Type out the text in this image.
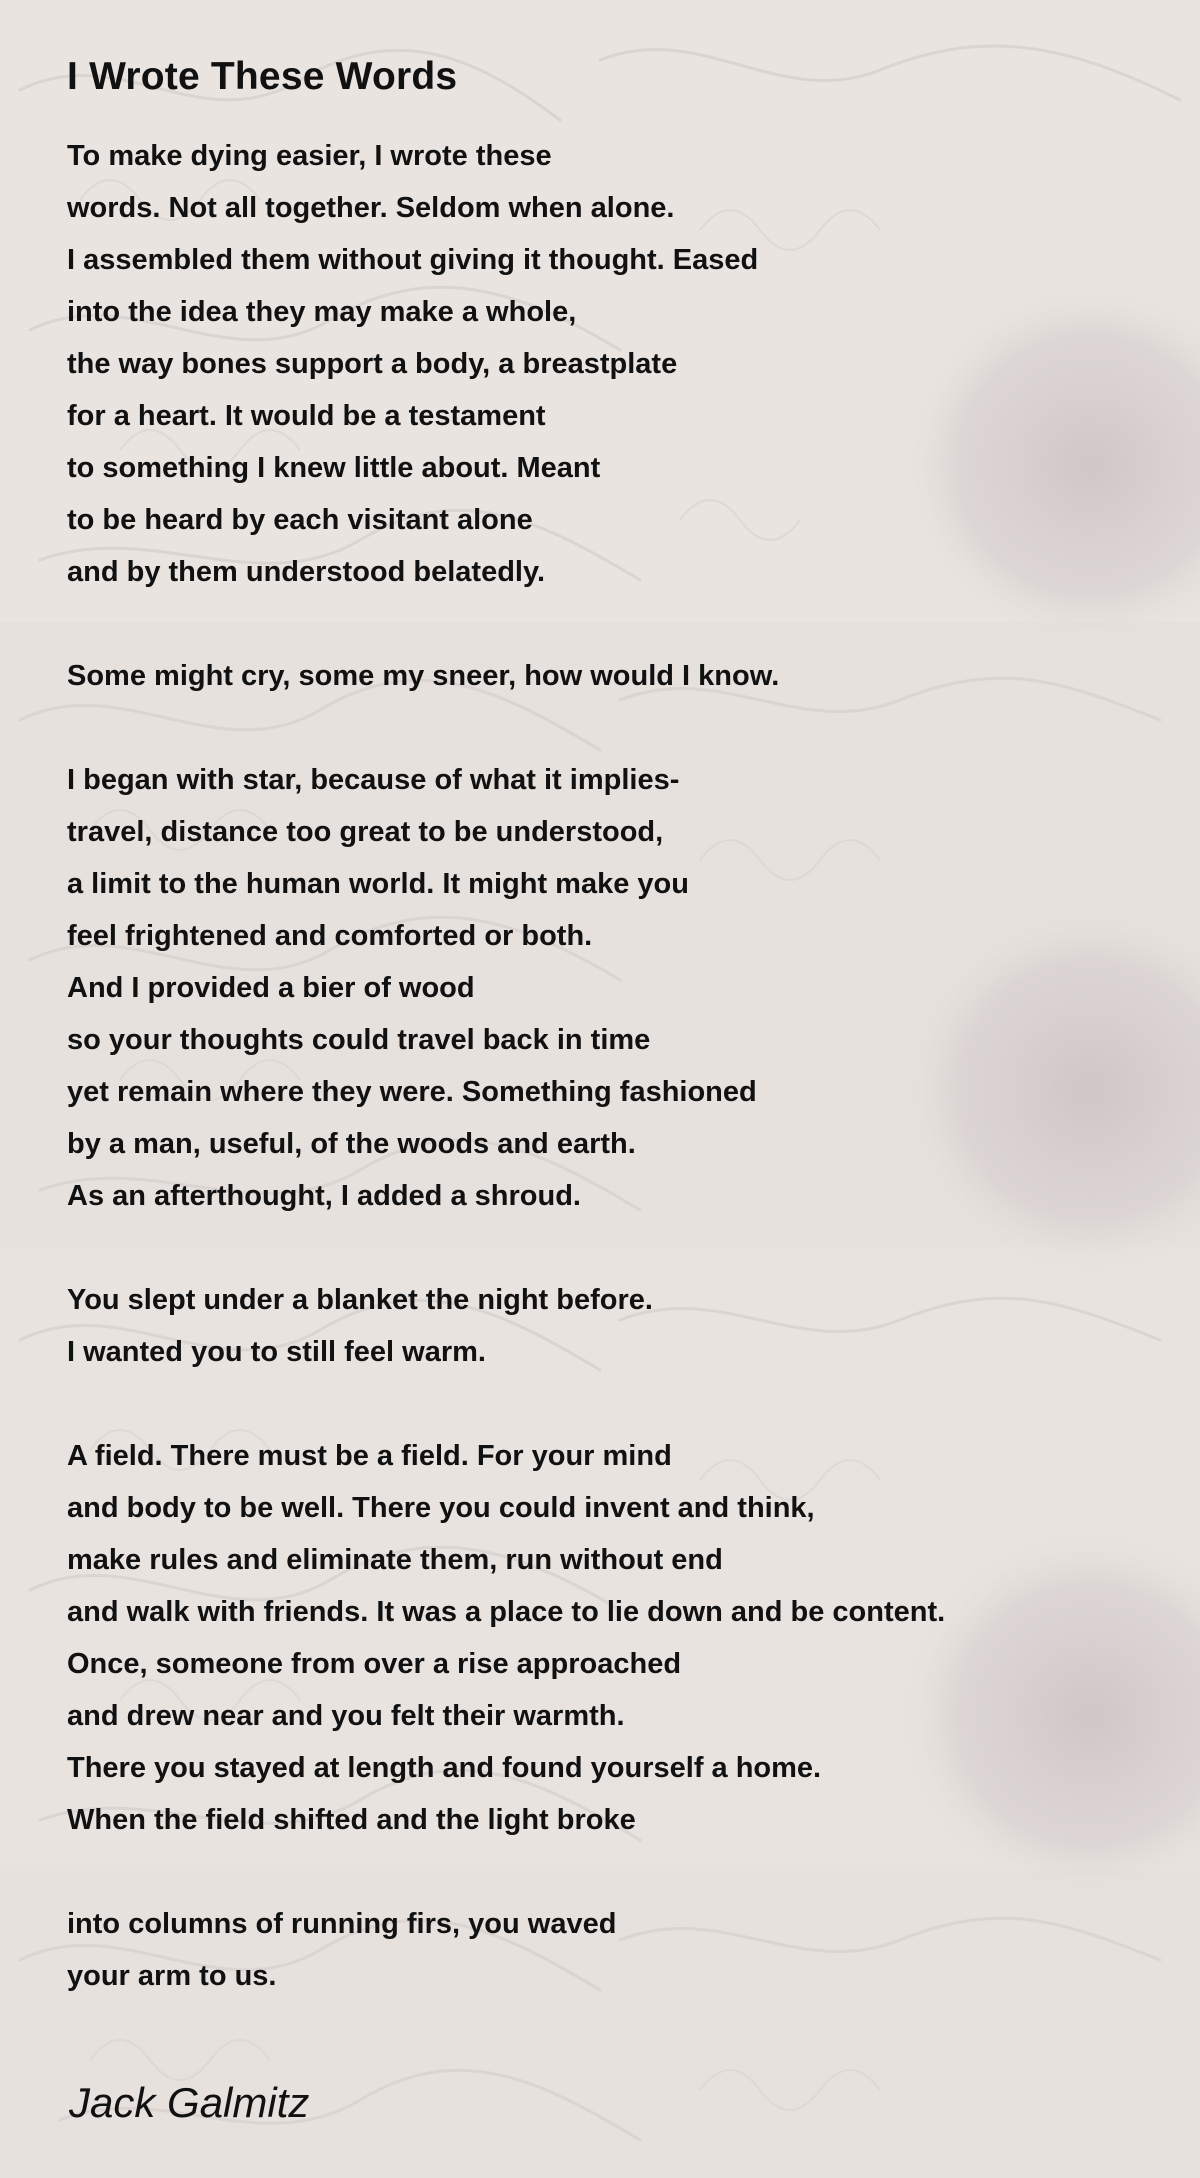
I Wrote These Words
To make dying easier, I wrote these
words. Not all together. Seldom when alone.
I assembled them without giving it thought. Eased
into the idea they may make a whole,
the way bones support a body, a breastplate
for a heart. It would be a testament
to something I knew little about. Meant
to be heard by each visitant alone
and by them understood belatedly.
Some might cry, some my sneer, how would I know.
I began with star, because of what it implies-
travel, distance too great to be understood,
a limit to the human world. It might make you
feel frightened and comforted or both.
And I provided a bier of wood
so your thoughts could travel back in time
yet remain where they were. Something fashioned
by a man, useful, of the woods and earth.
As an afterthought, I added a shroud.
You slept under a blanket the night before.
I wanted you to still feel warm.
A field. There must be a field. For your mind
and body to be well. There you could invent and think,
make rules and eliminate them, run without end
and walk with friends. It was a place to lie down and be content.
Once, someone from over a rise approached
and drew near and you felt their warmth.
There you stayed at length and found yourself a home.
When the field shifted and the light broke
into columns of running firs, you waved
your arm to us.
Jack Galmitz
